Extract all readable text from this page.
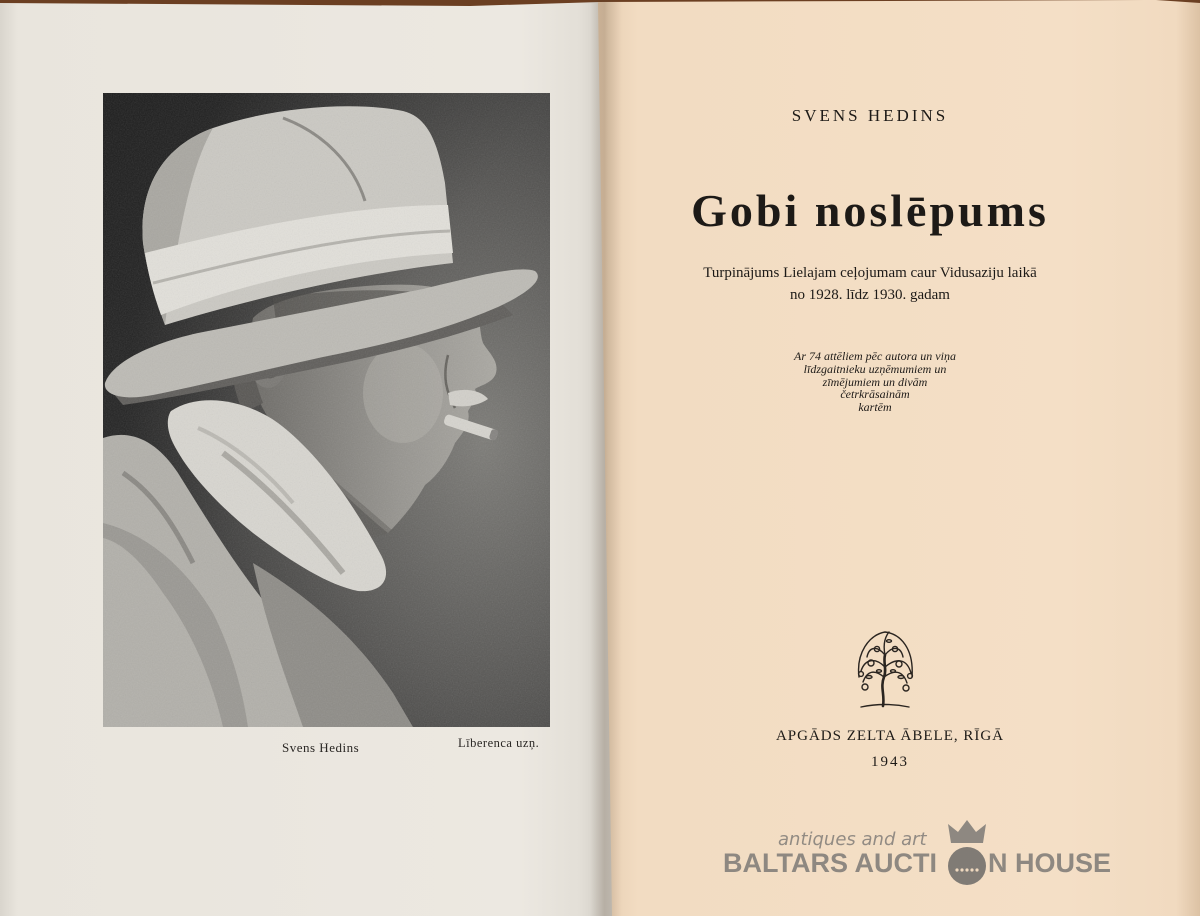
Svens Hedins	Līberenca uzņ.
SVENS HEDINS
Gobi noslēpums
Turpinājums Lielajam ceļojumam caur Vidusaziju laikā
no 1928. līdz 1930. gadam
Ar 74 attēliem pēc autora un viņa
līdzgaitnieku uzņēmumiem un
zīmējumiem un divām
četrkrāsainām
kartēm
APGĀDS ZELTA ĀBELE, RĪGĀ
1943
antiques and art
BALTARS AUCTI N HOUSE
